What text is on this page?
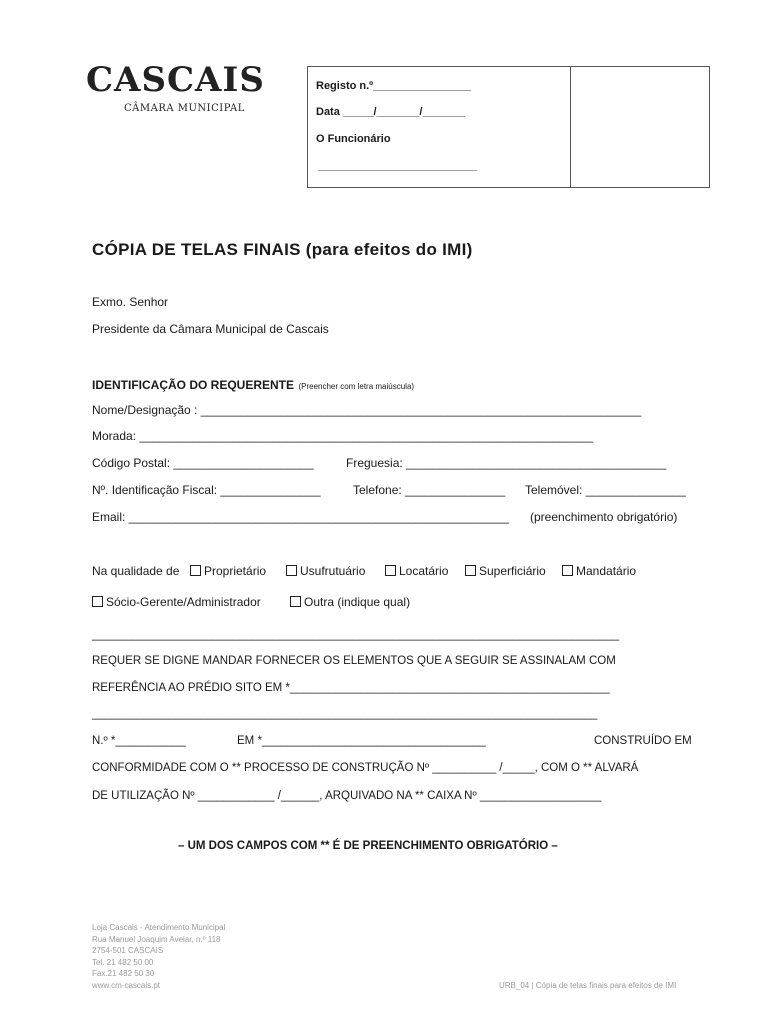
CASCAIS
CÂMARA MUNICIPAL
Registo n.º________________
Data _____/_______/_______
O Funcionário
__________________________
CÓPIA DE TELAS FINAIS (para efeitos do IMI)
Exmo. Senhor
Presidente da Câmara Municipal de Cascais
IDENTIFICAÇÃO DO REQUERENTE (Preencher com letra maiúscula)
Nome/Designação : __________________________________________________________________
Morada: ____________________________________________________________________
Código Postal: _____________________	Freguesia: _______________________________________
Nº. Identificação Fiscal: _______________	Telefone: _______________ Telemóvel: _______________
Email: _________________________________________________________ (preenchimento obrigatório)
Na qualidade de	Proprietário	Usufrutuário	Locatário	Superficiário	Mandatário
Sócio-Gerente/Administrador	Outra (indique qual)
_______________________________________________________________________________
REQUER SE DIGNE MANDAR FORNECER OS ELEMENTOS QUE A SEGUIR SE ASSINALAM COM
REFERÊNCIA AO PRÉDIO SITO EM *__________________________________________________
_______________________________________________________________________________
N.º *___________	EM *___________________________________	CONSTRUÍDO EM
CONFORMIDADE COM O ** PROCESSO DE CONSTRUÇÃO Nº __________ /_____, COM O ** ALVARÁ
DE UTILIZAÇÃO Nº ____________ /______, ARQUIVADO NA ** CAIXA Nº ___________________
– UM DOS CAMPOS COM ** É DE PREENCHIMENTO OBRIGATÓRIO –
Loja Cascais - Atendimento Municipal
Rua Manuel Joaquim Avelar, n.º 118
2754-501 CASCAIS
Tel. 21 482 50 00
Fax.21 482 50 30
www.cm-cascais.pt	URB_04 | Cópia de telas finais para efeitos de IMI
